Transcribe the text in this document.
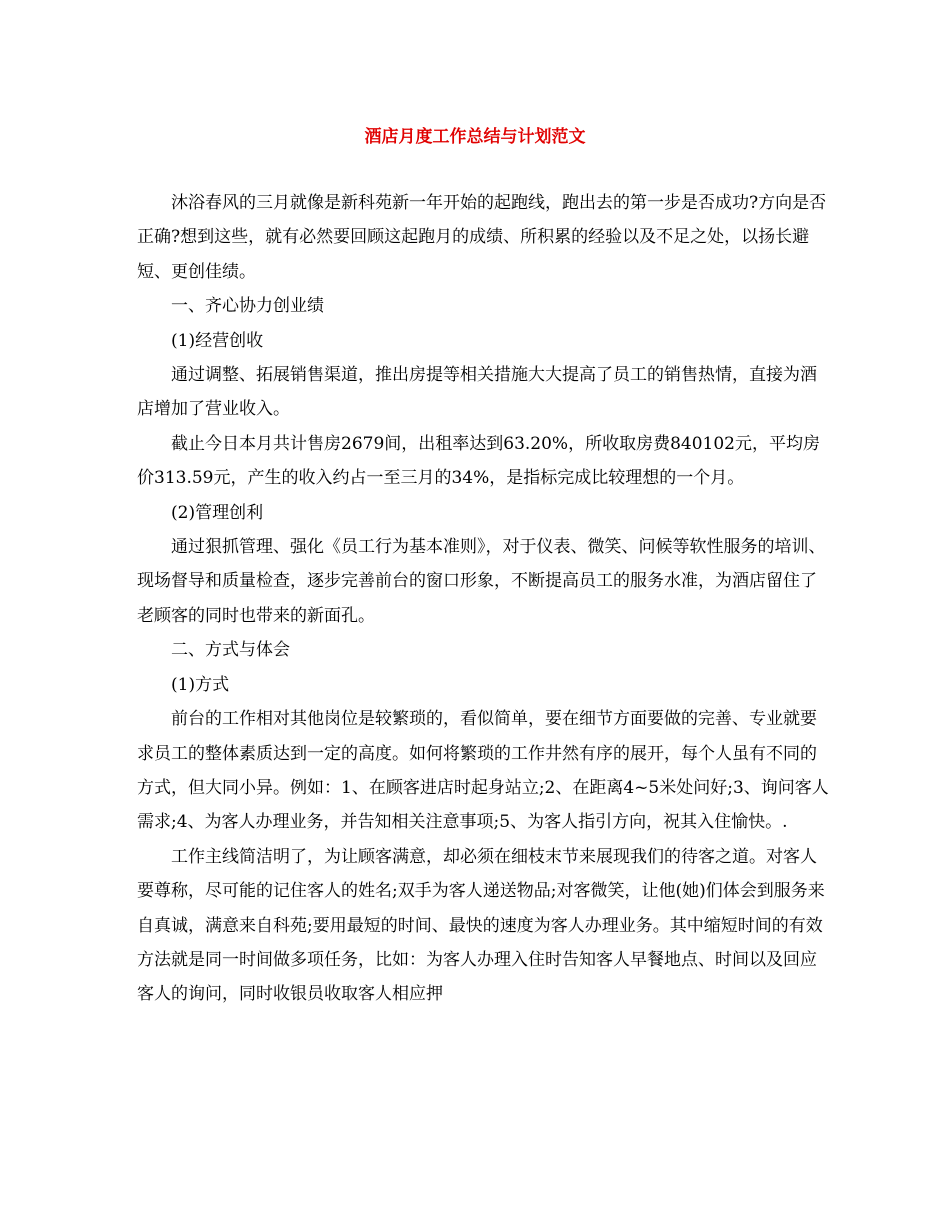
酒店月度工作总结与计划范文

沐浴春风的三月就像是新科苑新一年开始的起跑线，跑出去的第一步是否成功?方向是否正确?想到这些，就有必然要回顾这起跑月的成绩、所积累的经验以及不足之处，以扬长避短、更创佳绩。

一、齐心协力创业绩

(1)经营创收

通过调整、拓展销售渠道，推出房提等相关措施大大提高了员工的销售热情，直接为酒店增加了营业收入。

截止今日本月共计售房2679间，出租率达到63.20%，所收取房费840102元，平均房价313.59元，产生的收入约占一至三月的34%，是指标完成比较理想的一个月。

(2)管理创利

通过狠抓管理、强化《员工行为基本准则》，对于仪表、微笑、问候等软性服务的培训、现场督导和质量检查，逐步完善前台的窗口形象，不断提高员工的服务水准，为酒店留住了老顾客的同时也带来的新面孔。

二、方式与体会

(1)方式

前台的工作相对其他岗位是较繁琐的，看似简单，要在细节方面要做的完善、专业就要求员工的整体素质达到一定的高度。如何将繁琐的工作井然有序的展开，每个人虽有不同的方式，但大同小异。例如：1、在顾客进店时起身站立;2、在距离4~5米处问好;3、询问客人需求;4、为客人办理业务，并告知相关注意事项;5、为客人指引方向，祝其入住愉快。.

工作主线简洁明了，为让顾客满意，却必须在细枝末节来展现我们的待客之道。对客人要尊称，尽可能的记住客人的姓名;双手为客人递送物品;对客微笑，让他(她)们体会到服务来自真诚，满意来自科苑;要用最短的时间、最快的速度为客人办理业务。其中缩短时间的有效方法就是同一时间做多项任务，比如：为客人办理入住时告知客人早餐地点、时间以及回应客人的询问，同时收银员收取客人相应押
